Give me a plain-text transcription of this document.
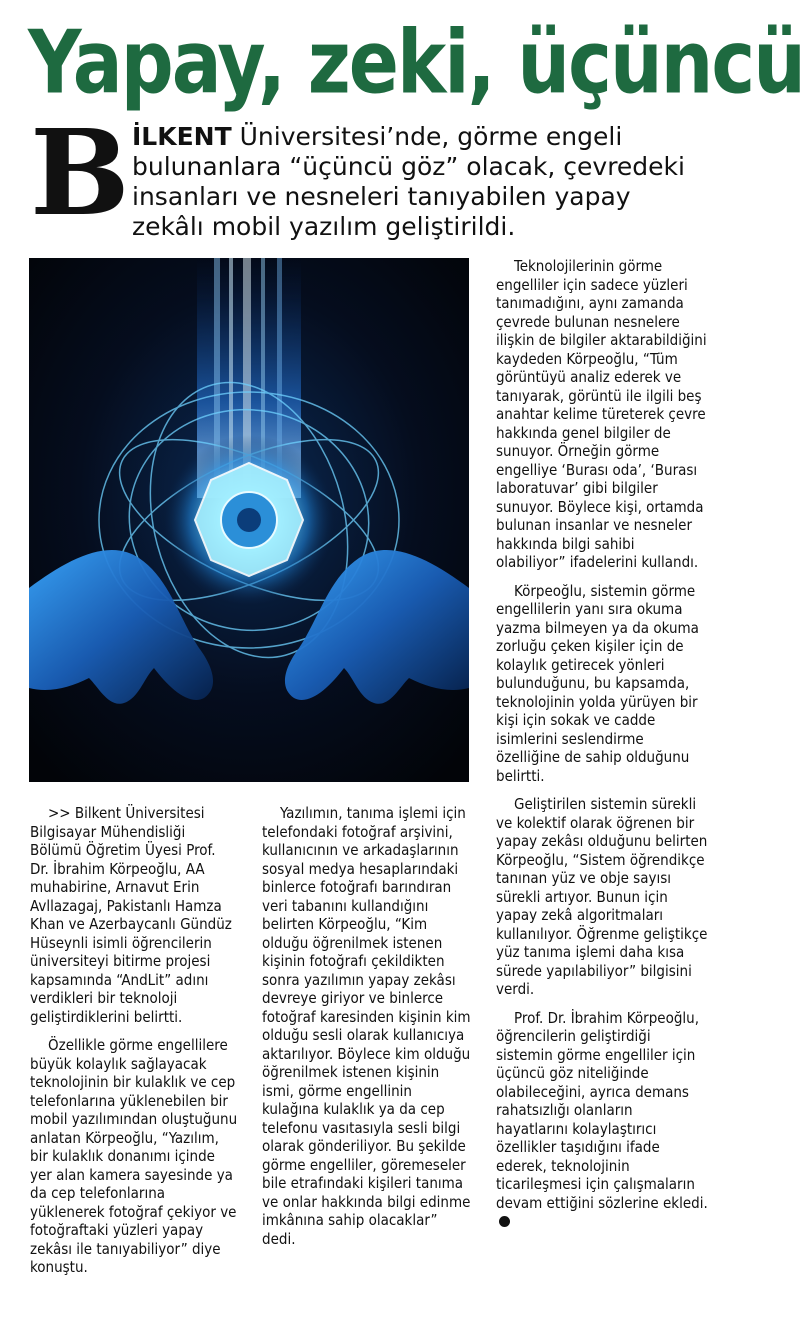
Yapay, zeki, üçüncü
B İLKENT Üniversitesi’nde, görme engeli bulunanlara “üçüncü göz” olacak, çevredeki insanları ve nesneleri tanıyabilen yapay zekâlı mobil yazılım geliştirildi.

>> Bilkent Üniversitesi Bilgisayar Mühendisliği Bölümü Öğretim Üyesi Prof. Dr. İbrahim Körpeoğlu, AA muhabirine, Arnavut Erin Avllazagaj, Pakistanlı Hamza Khan ve Azerbaycanlı Gündüz Hüseynli isimli öğrencilerin üniversiteyi bitirme projesi kapsamında “AndLit” adını verdikleri bir teknoloji geliştirdiklerini belirtti.

Özellikle görme engellilere büyük kolaylık sağlayacak teknolojinin bir kulaklık ve cep telefonlarına yüklenebilen bir mobil yazılımından oluştuğunu anlatan Körpeoğlu, “Yazılım, bir kulaklık donanımı içinde yer alan kamera sayesinde ya da cep telefonlarına yüklenerek fotoğraf çekiyor ve fotoğraftaki yüzleri yapay zekâsı ile tanıyabiliyor” diye konuştu.

Yazılımın, tanıma işlemi için telefondaki fotoğraf arşivini, kullanıcının ve arkadaşlarının sosyal medya hesaplarındaki binlerce fotoğrafı barındıran veri tabanını kullandığını belirten Körpeoğlu, “Kim olduğu öğrenilmek istenen kişinin fotoğrafı çekildikten sonra yazılımın yapay zekâsı devreye giriyor ve binlerce fotoğraf karesinden kişinin kim olduğu sesli olarak kullanıcıya aktarılıyor. Böylece kim olduğu öğrenilmek istenen kişinin ismi, görme engellinin kulağına kulaklık ya da cep telefonu vasıtasıyla sesli bilgi olarak gönderiliyor. Bu şekilde görme engelliler, göremeseler bile etrafındaki kişileri tanıma ve onlar hakkında bilgi edinme imkânına sahip olacaklar” dedi.

Teknolojilerinin görme engelliler için sadece yüzleri tanımadığını, aynı zamanda çevrede bulunan nesnelere ilişkin de bilgiler aktarabildiğini kaydeden Körpeoğlu, “Tüm görüntüyü analiz ederek ve tanıyarak, görüntü ile ilgili beş anahtar kelime türeterek çevre hakkında genel bilgiler de sunuyor. Örneğin görme engelliye ‘Burası oda’, ‘Burası laboratuvar’ gibi bilgiler sunuyor. Böylece kişi, ortamda bulunan insanlar ve nesneler hakkında bilgi sahibi olabiliyor” ifadelerini kullandı.

Körpeoğlu, sistemin görme engellilerin yanı sıra okuma yazma bilmeyen ya da okuma zorluğu çeken kişiler için de kolaylık getirecek yönleri bulunduğunu, bu kapsamda, teknolojinin yolda yürüyen bir kişi için sokak ve cadde isimlerini seslendirme özelliğine de sahip olduğunu belirtti.

Geliştirilen sistemin sürekli ve kolektif olarak öğrenen bir yapay zekâsı olduğunu belirten Körpeoğlu, “Sistem öğrendikçe tanınan yüz ve obje sayısı sürekli artıyor. Bunun için yapay zekâ algoritmaları kullanılıyor. Öğrenme geliştikçe yüz tanıma işlemi daha kısa sürede yapılabiliyor” bilgisini verdi.

Prof. Dr. İbrahim Körpeoğlu, öğrencilerin geliştirdiği sistemin görme engelliler için üçüncü göz niteliğinde olabileceğini, ayrıca demans rahatsızlığı olanların hayatlarını kolaylaştırıcı özellikler taşıdığını ifade ederek, teknolojinin ticarileşmesi için çalışmaların devam ettiğini sözlerine ekledi.
